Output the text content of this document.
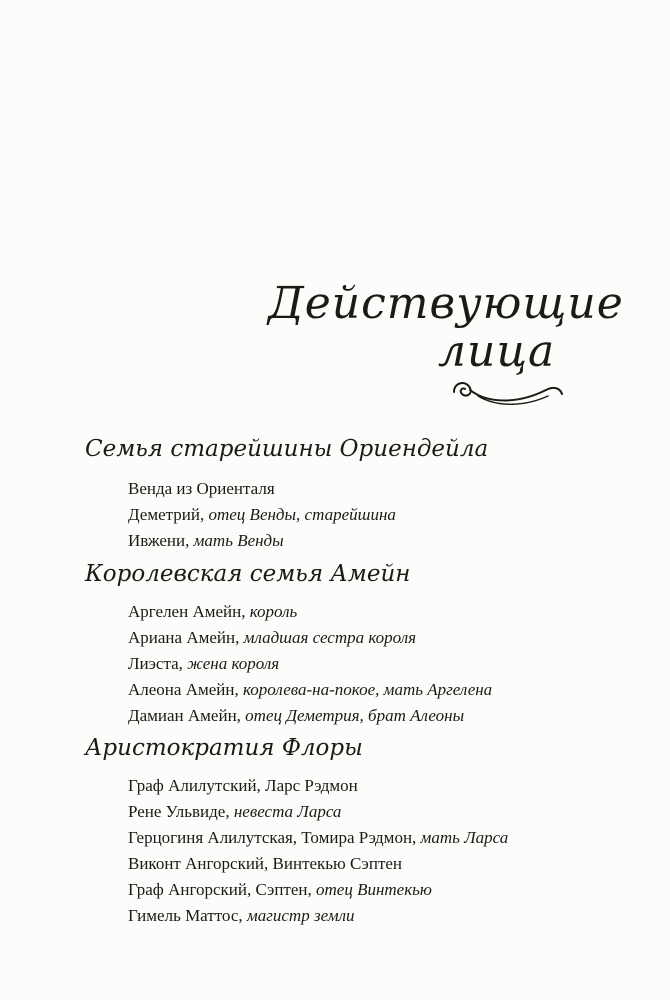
Действующие
лица
Семья старейшины Ориендейла
Венда из Ориенталя
Деметрий, отец Венды, старейшина
Ивжени, мать Венды
Королевская семья Амейн
Аргелен Амейн, король
Ариана Амейн, младшая сестра короля
Лиэста, жена короля
Алеона Амейн, королева-на-покое, мать Аргелена
Дамиан Амейн, отец Деметрия, брат Алеоны
Аристократия Флоры
Граф Алилутский, Ларс Рэдмон
Рене Ульвиде, невеста Ларса
Герцогиня Алилутская, Томира Рэдмон, мать Ларса
Виконт Ангорский, Винтекью Сэптен
Граф Ангорский, Сэптен, отец Винтекью
Гимель Маттос, магистр земли
